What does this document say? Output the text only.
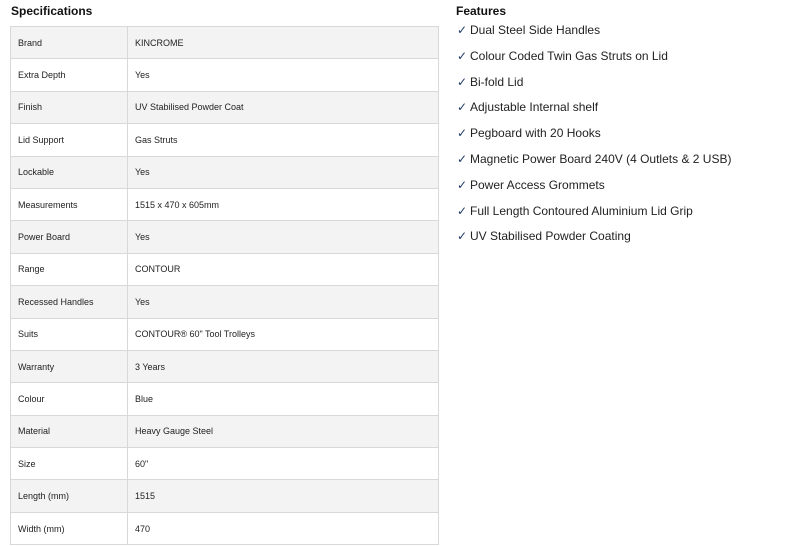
Specifications
Brand	KINCROME
Extra Depth	Yes
Finish	UV Stabilised Powder Coat
Lid Support	Gas Struts
Lockable	Yes
Measurements	1515 x 470 x 605mm
Power Board	Yes
Range	CONTOUR
Recessed Handles	Yes
Suits	CONTOUR® 60" Tool Trolleys
Warranty	3 Years
Colour	Blue
Material	Heavy Gauge Steel
Size	60"
Length (mm)	1515
Width (mm)	470
Features
✓ Dual Steel Side Handles
✓ Colour Coded Twin Gas Struts on Lid
✓ Bi-fold Lid
✓ Adjustable Internal shelf
✓ Pegboard with 20 Hooks
✓ Magnetic Power Board 240V (4 Outlets & 2 USB)
✓ Power Access Grommets
✓ Full Length Contoured Aluminium Lid Grip
✓ UV Stabilised Powder Coating
